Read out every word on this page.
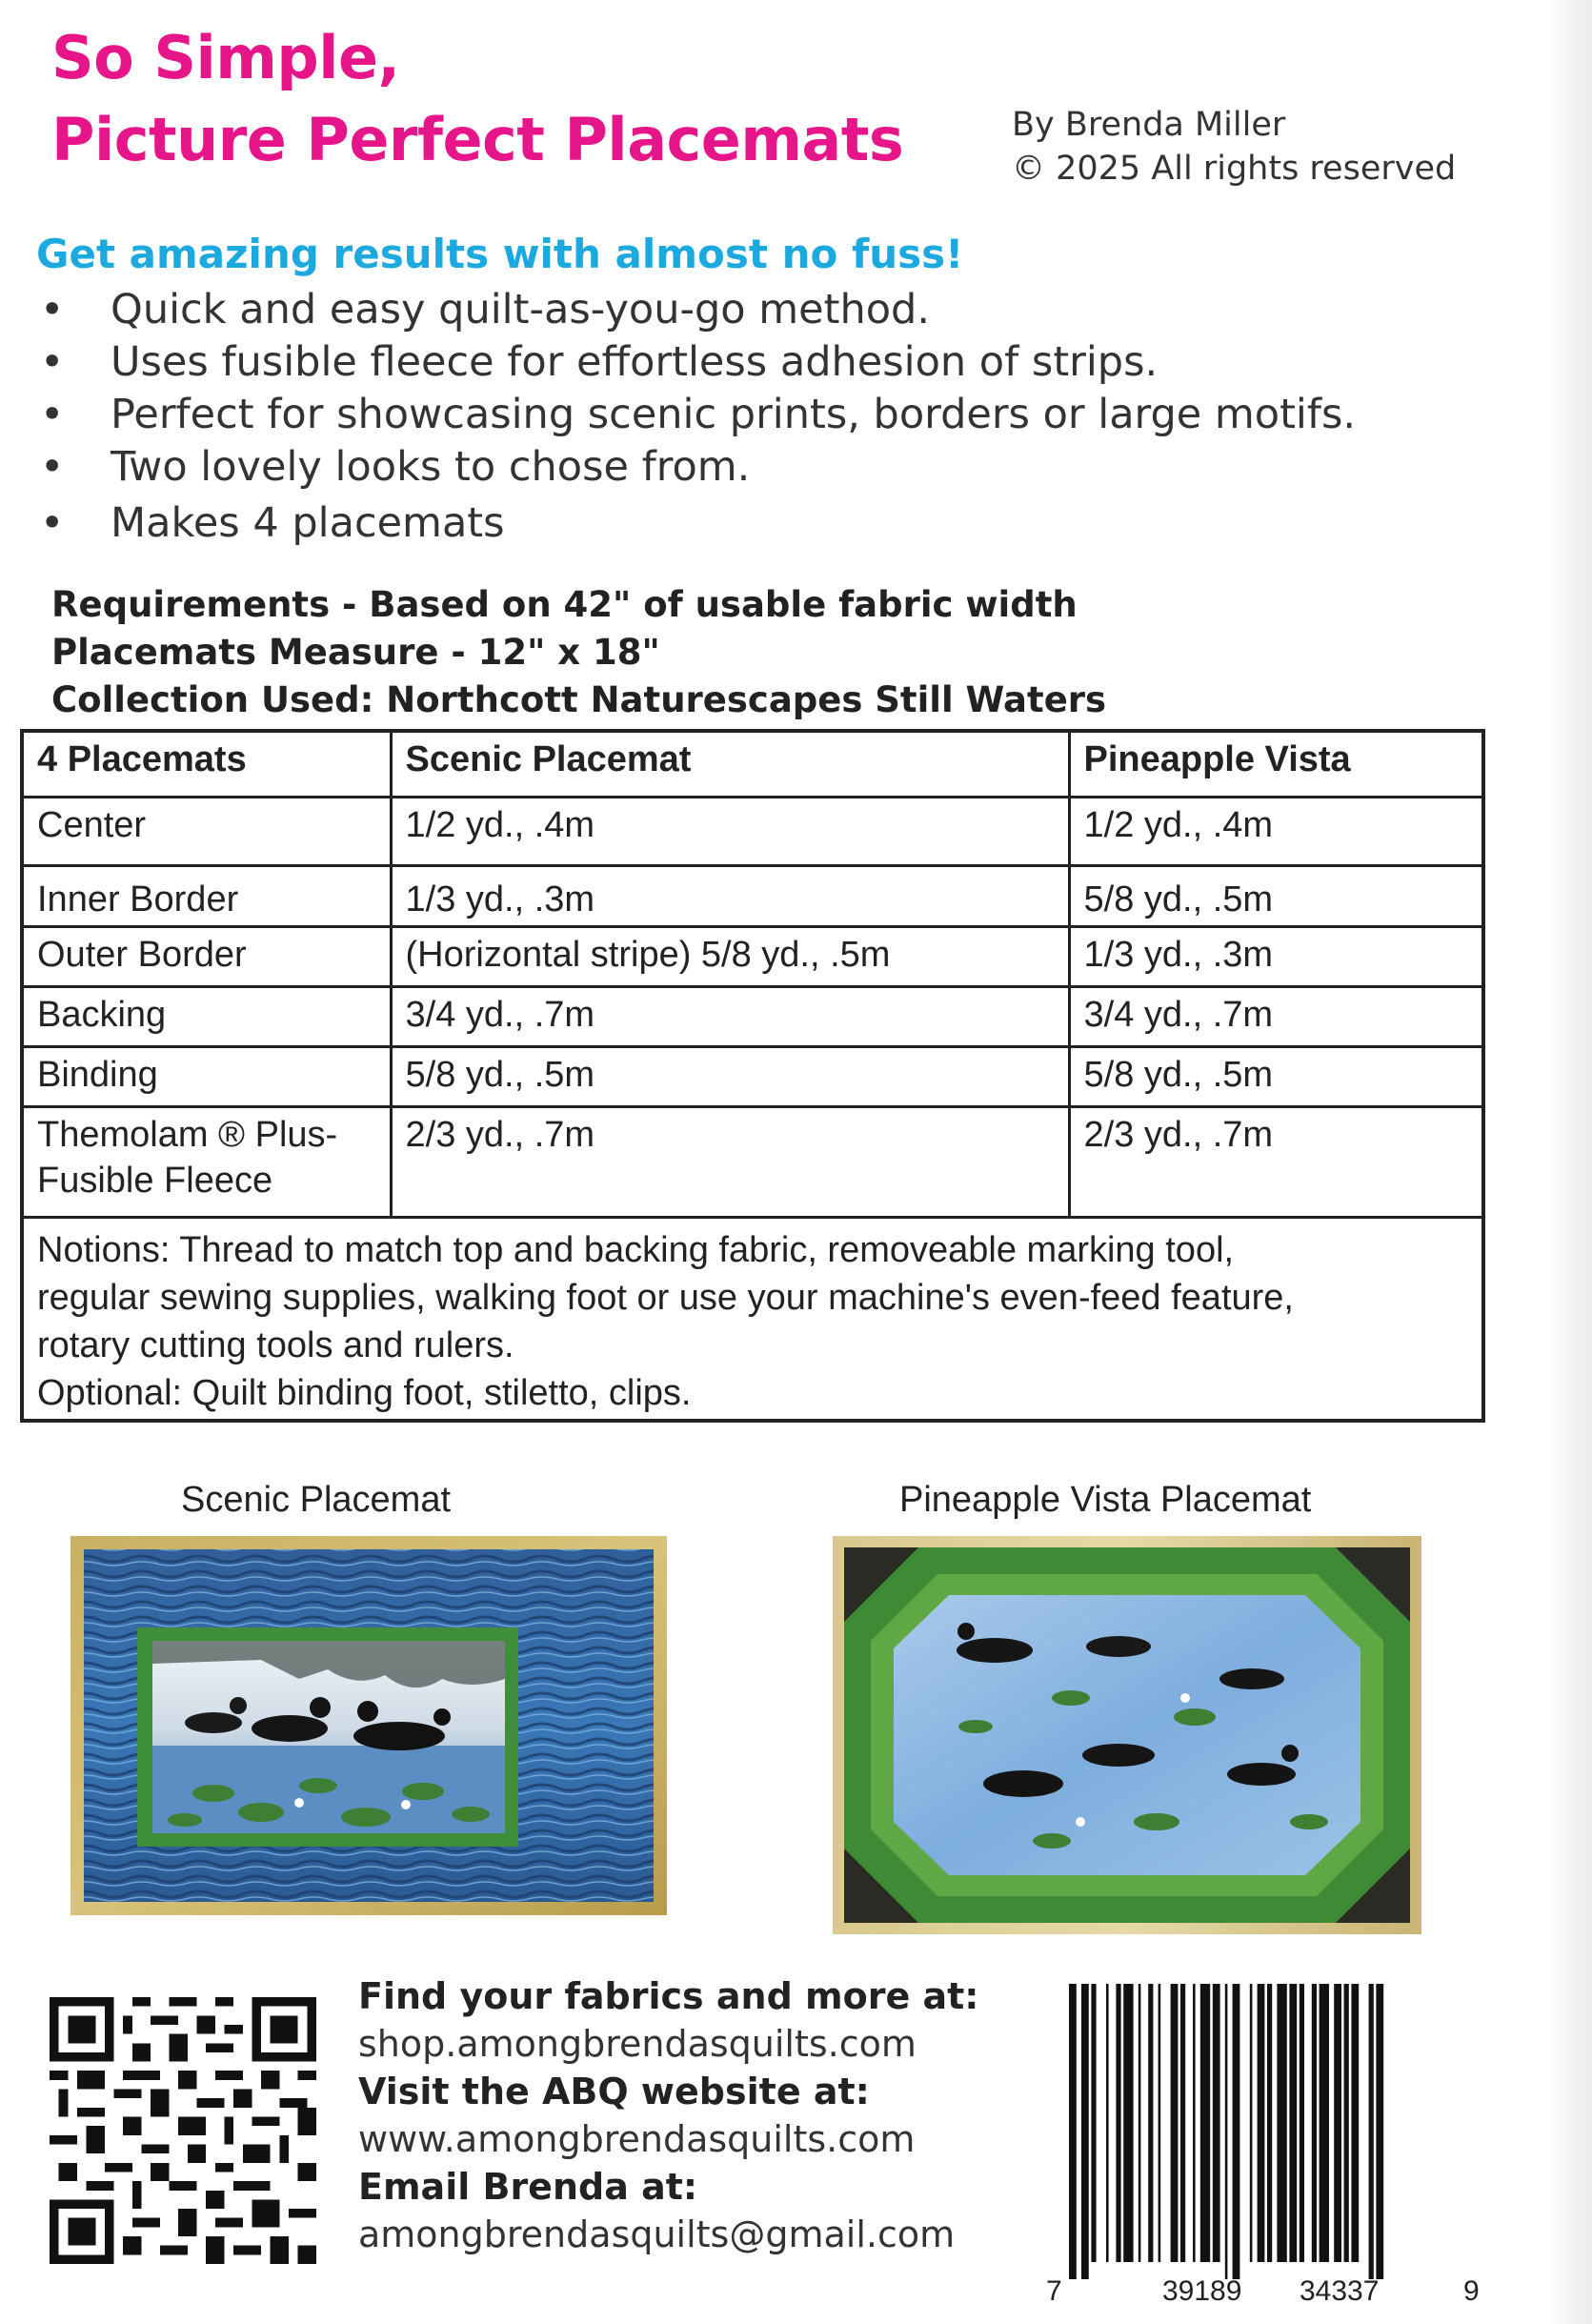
So Simple,
Picture Perfect Placemats	By Brenda Miller
© 2025 All rights reserved
Get amazing results with almost no fuss!
• Quick and easy quilt-as-you-go method.
• Uses fusible fleece for effortless adhesion of strips.
• Perfect for showcasing scenic prints, borders or large motifs.
• Two lovely looks to chose from.
• Makes 4 placemats
Requirements - Based on 42" of usable fabric width
Placemats Measure - 12" x 18"
Collection Used: Northcott Naturescapes Still Waters
4 Placemats	Scenic Placemat	Pineapple Vista
Center	1/2 yd., .4m	1/2 yd., .4m
Inner Border	1/3 yd., .3m	5/8 yd., .5m
Outer Border	(Horizontal stripe) 5/8 yd., .5m	1/3 yd., .3m
Backing	3/4 yd., .7m	3/4 yd., .7m
Binding	5/8 yd., .5m	5/8 yd., .5m

Themolam ® Plus-
Fusible Fleece	2/3 yd., .7m	2/3 yd., .7m

Notions: Thread to match top and backing fabric, removeable marking tool,
regular sewing supplies, walking foot or use your machine's even-feed feature,
rotary cutting tools and rulers.
Optional: Quilt binding foot, stiletto, clips.		
Scenic Placemat	Pineapple Vista Placemat
Find your fabrics and more at:
shop.amongbrendasquilts.com
Visit the ABQ website at:
www.amongbrendasquilts.com
Email Brenda at:
amongbrendasquilts@gmail.com
7	39189 34337	9
